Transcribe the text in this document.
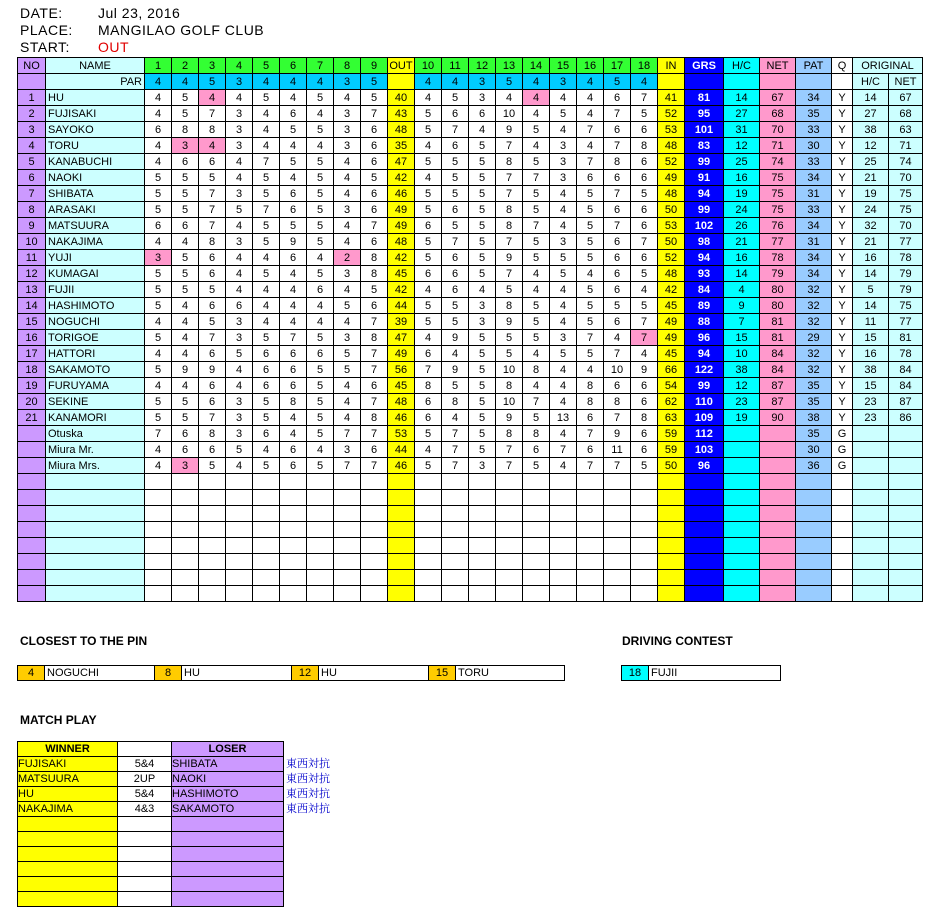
DATE:	Jul 23, 2016
PLACE: MANGILAO GOLF CLUB
START: OUT
NO	NAME	1	2	3	4	5	6	7	8	9	OUT	10	11	12	13	14	15	16	17	18	IN	GRS	H/C	NET	PAT	Q	ORIGINAL	
	PAR	4	4	5	3	4	4	4	3	5		4	4	3	5	4	3	4	5	4							H/C	NET
1	HU	4	5	4	4	5	4	5	4	5	40	4	5	3	4	4	4	4	6	7	41	81	14	67	34	Y	14	67
2	FUJISAKI	4	5	7	3	4	6	4	3	7	43	5	6	6	10	4	5	4	7	5	52	95	27	68	35	Y	27	68
3	SAYOKO	6	8	8	3	4	5	5	3	6	48	5	7	4	9	5	4	7	6	6	53	101	31	70	33	Y	38	63
4	TORU	4	3	4	3	4	4	4	3	6	35	4	6	5	7	4	3	4	7	8	48	83	12	71	30	Y	12	71
5	KANABUCHI	4	6	6	4	7	5	5	4	6	47	5	5	5	8	5	3	7	8	6	52	99	25	74	33	Y	25	74
6	NAOKI	5	5	5	4	5	4	5	4	5	42	4	5	5	7	7	3	6	6	6	49	91	16	75	34	Y	21	70
7	SHIBATA	5	5	7	3	5	6	5	4	6	46	5	5	5	7	5	4	5	7	5	48	94	19	75	31	Y	19	75
8	ARASAKI	5	5	7	5	7	6	5	3	6	49	5	6	5	8	5	4	5	6	6	50	99	24	75	33	Y	24	75
9	MATSUURA	6	6	7	4	5	5	5	4	7	49	6	5	5	8	7	4	5	7	6	53	102	26	76	34	Y	32	70
10	NAKAJIMA	4	4	8	3	5	9	5	4	6	48	5	7	5	7	5	3	5	6	7	50	98	21	77	31	Y	21	77
11	YUJI	3	5	6	4	4	6	4	2	8	42	5	6	5	9	5	5	5	6	6	52	94	16	78	34	Y	16	78
12	KUMAGAI	5	5	6	4	5	4	5	3	8	45	6	6	5	7	4	5	4	6	5	48	93	14	79	34	Y	14	79
13	FUJII	5	5	5	4	4	4	6	4	5	42	4	6	4	5	4	4	5	6	4	42	84	4	80	32	Y	5	79
14	HASHIMOTO	5	4	6	6	4	4	4	5	6	44	5	5	3	8	5	4	5	5	5	45	89	9	80	32	Y	14	75
15	NOGUCHI	4	4	5	3	4	4	4	4	7	39	5	5	3	9	5	4	5	6	7	49	88	7	81	32	Y	11	77
16	TORIGOE	5	4	7	3	5	7	5	3	8	47	4	9	5	5	5	3	7	4	7	49	96	15	81	29	Y	15	81
17	HATTORI	4	4	6	5	6	6	6	5	7	49	6	4	5	5	4	5	5	7	4	45	94	10	84	32	Y	16	78
18	SAKAMOTO	5	9	9	4	6	6	5	5	7	56	7	9	5	10	8	4	4	10	9	66	122	38	84	32	Y	38	84
19	FURUYAMA	4	4	6	4	6	6	5	4	6	45	8	5	5	8	4	4	8	6	6	54	99	12	87	35	Y	15	84
20	SEKINE	5	5	6	3	5	8	5	4	7	48	6	8	5	10	7	4	8	8	6	62	110	23	87	35	Y	23	87
21	KANAMORI	5	5	7	3	5	4	5	4	8	46	6	4	5	9	5	13	6	7	8	63	109	19	90	38	Y	23	86
	Otuska	7	6	8	3	6	4	5	7	7	53	5	7	5	8	8	4	7	9	6	59	112			35	G		
	Miura Mr.	4	6	6	5	4	6	4	3	6	44	4	7	5	7	6	7	6	11	6	59	103			30	G		
	Miura Mrs.	4	3	5	4	5	6	5	7	7	46	5	7	3	7	5	4	7	7	5	50	96			36	G		

CLOSEST TO THE PIN
4	NOGUCHI	8	HU	12 HU	15 TORU
DRIVING CONTEST
18 FUJII
MATCH PLAY
WINNER		LOSER	
FUJISAKI	5&4	SHIBATA	東西対抗
MATSUURA	2UP	NAOKI	東西対抗
HU	5&4	HASHIMOTO	東西対抗
NAKAJIMA	4&3	SAKAMOTO	東西対抗
